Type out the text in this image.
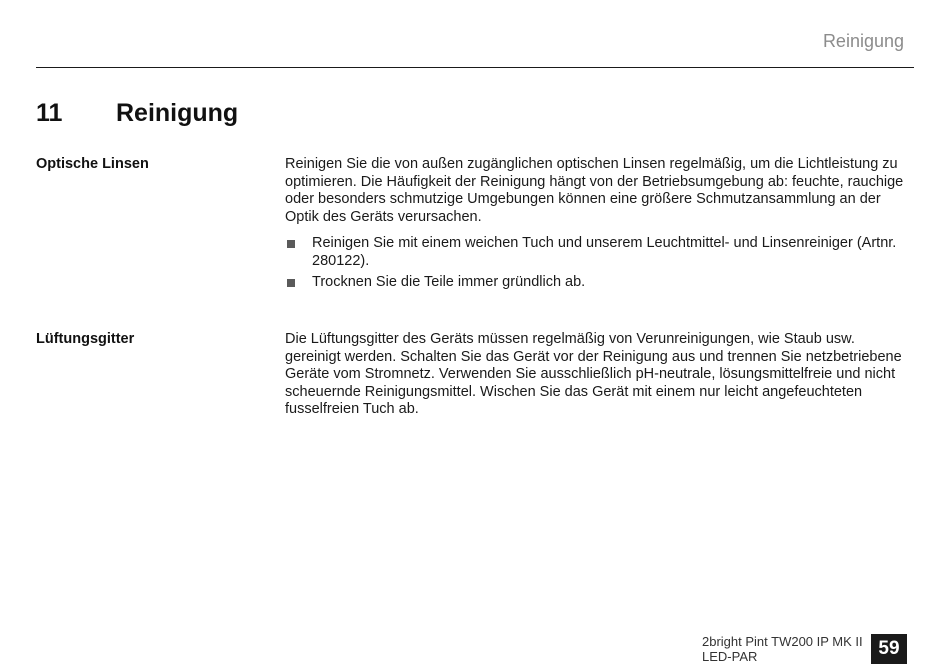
Reinigung
11 Reinigung
Optische Linsen	Reinigen Sie die von außen zugänglichen optischen Linsen regelmäßig, um die Lichtleistung zu optimieren. Die Häufigkeit der Reinigung hängt von der Betriebsumgebung ab: feuchte, rauchige oder besonders schmutzige Umgebungen können eine größere Schmutzansammlung an der Optik des Geräts verursachen.

Reinigen Sie mit einem weichen Tuch und unserem Leuchtmittel- und Linsenreiniger (Artnr. 280122).
Trocknen Sie die Teile immer gründlich ab.
Lüftungsgitter	Die Lüftungsgitter des Geräts müssen regelmäßig von Verunreinigungen, wie Staub usw. gereinigt werden. Schalten Sie das Gerät vor der Reinigung aus und trennen Sie netzbetriebene Geräte vom Stromnetz. Verwenden Sie ausschließlich pH-neutrale, lösungsmittelfreie und nicht scheuernde Reinigungsmittel. Wischen Sie das Gerät mit einem nur leicht angefeuchteten fusselfreien Tuch ab.

2bright Pint TW200 IP MK II
LED-PAR	59
